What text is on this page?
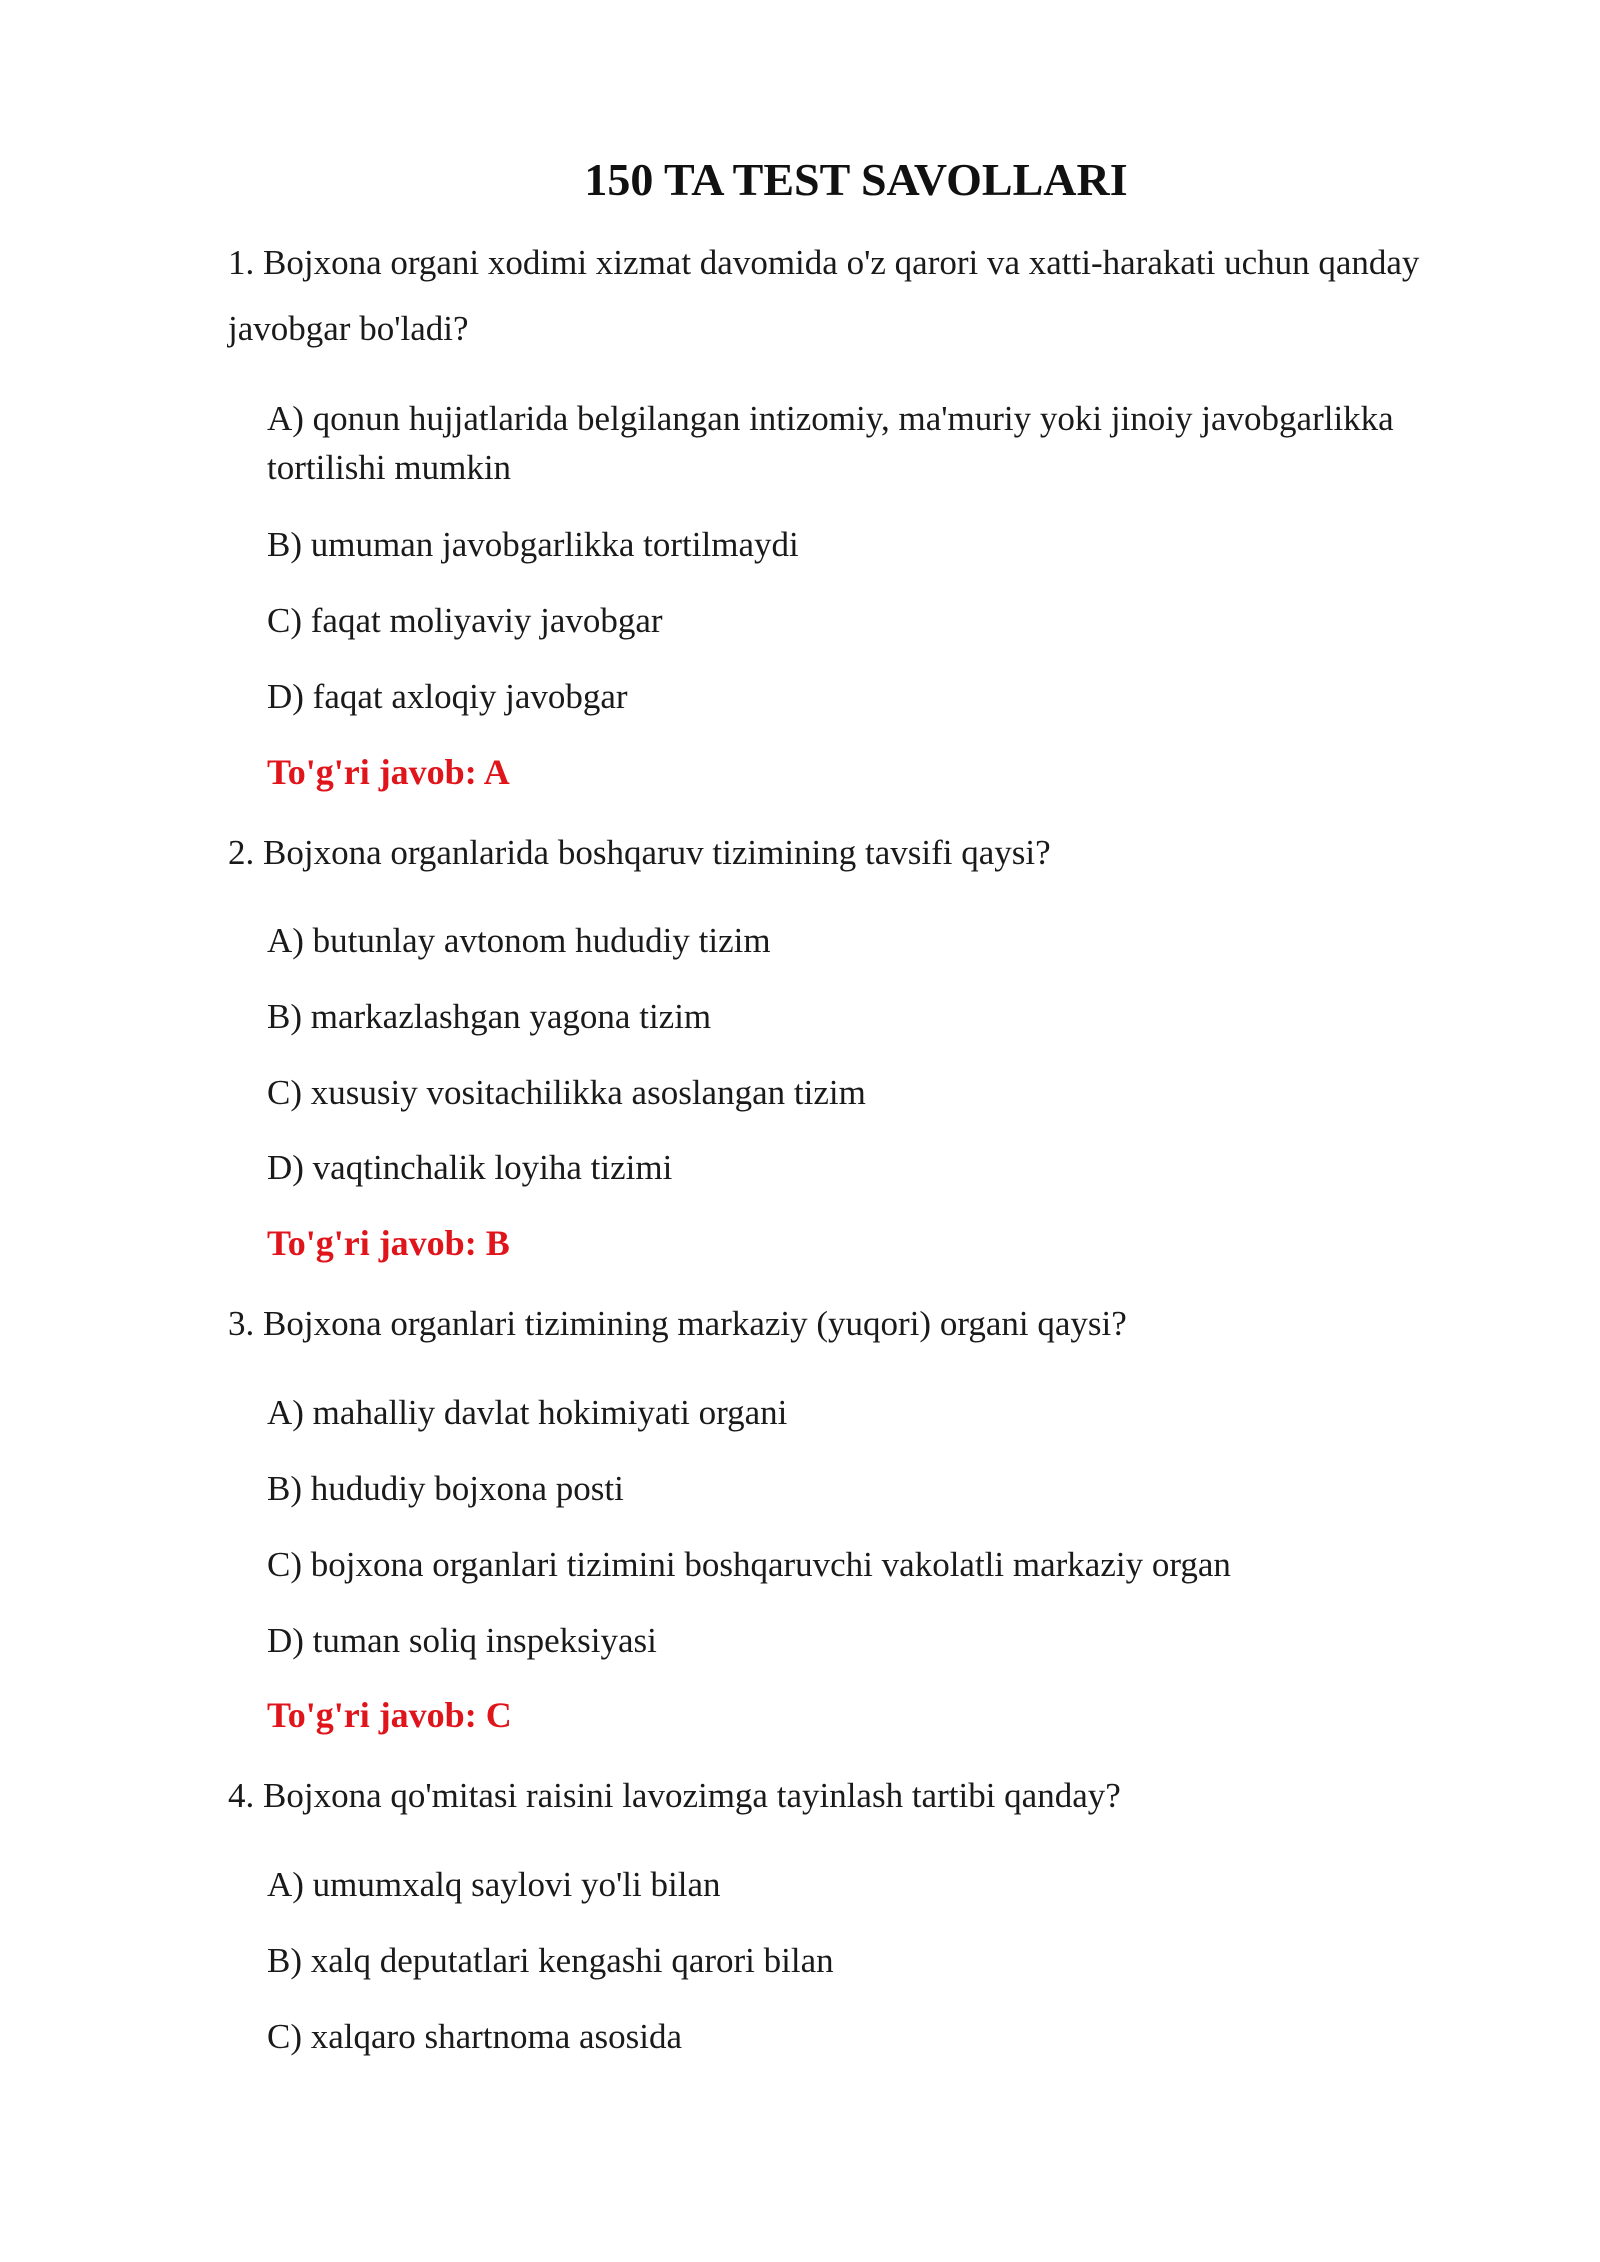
150 TA TEST SAVOLLARI
1. Bojxona organi xodimi xizmat davomida o'z qarori va xatti-harakati uchun qanday javobgar bo'ladi?
A) qonun hujjatlarida belgilangan intizomiy, ma'muriy yoki jinoiy javobgarlikka tortilishi mumkin
B) umuman javobgarlikka tortilmaydi
C) faqat moliyaviy javobgar
D) faqat axloqiy javobgar
To'g'ri javob: A
2. Bojxona organlarida boshqaruv tizimining tavsifi qaysi?
A) butunlay avtonom hududiy tizim
B) markazlashgan yagona tizim
C) xususiy vositachilikka asoslangan tizim
D) vaqtinchalik loyiha tizimi
To'g'ri javob: B
3. Bojxona organlari tizimining markaziy (yuqori) organi qaysi?
A) mahalliy davlat hokimiyati organi
B) hududiy bojxona posti
C) bojxona organlari tizimini boshqaruvchi vakolatli markaziy organ
D) tuman soliq inspeksiyasi
To'g'ri javob: C
4. Bojxona qo'mitasi raisini lavozimga tayinlash tartibi qanday?
A) umumxalq saylovi yo'li bilan
B) xalq deputatlari kengashi qarori bilan
C) xalqaro shartnoma asosida
